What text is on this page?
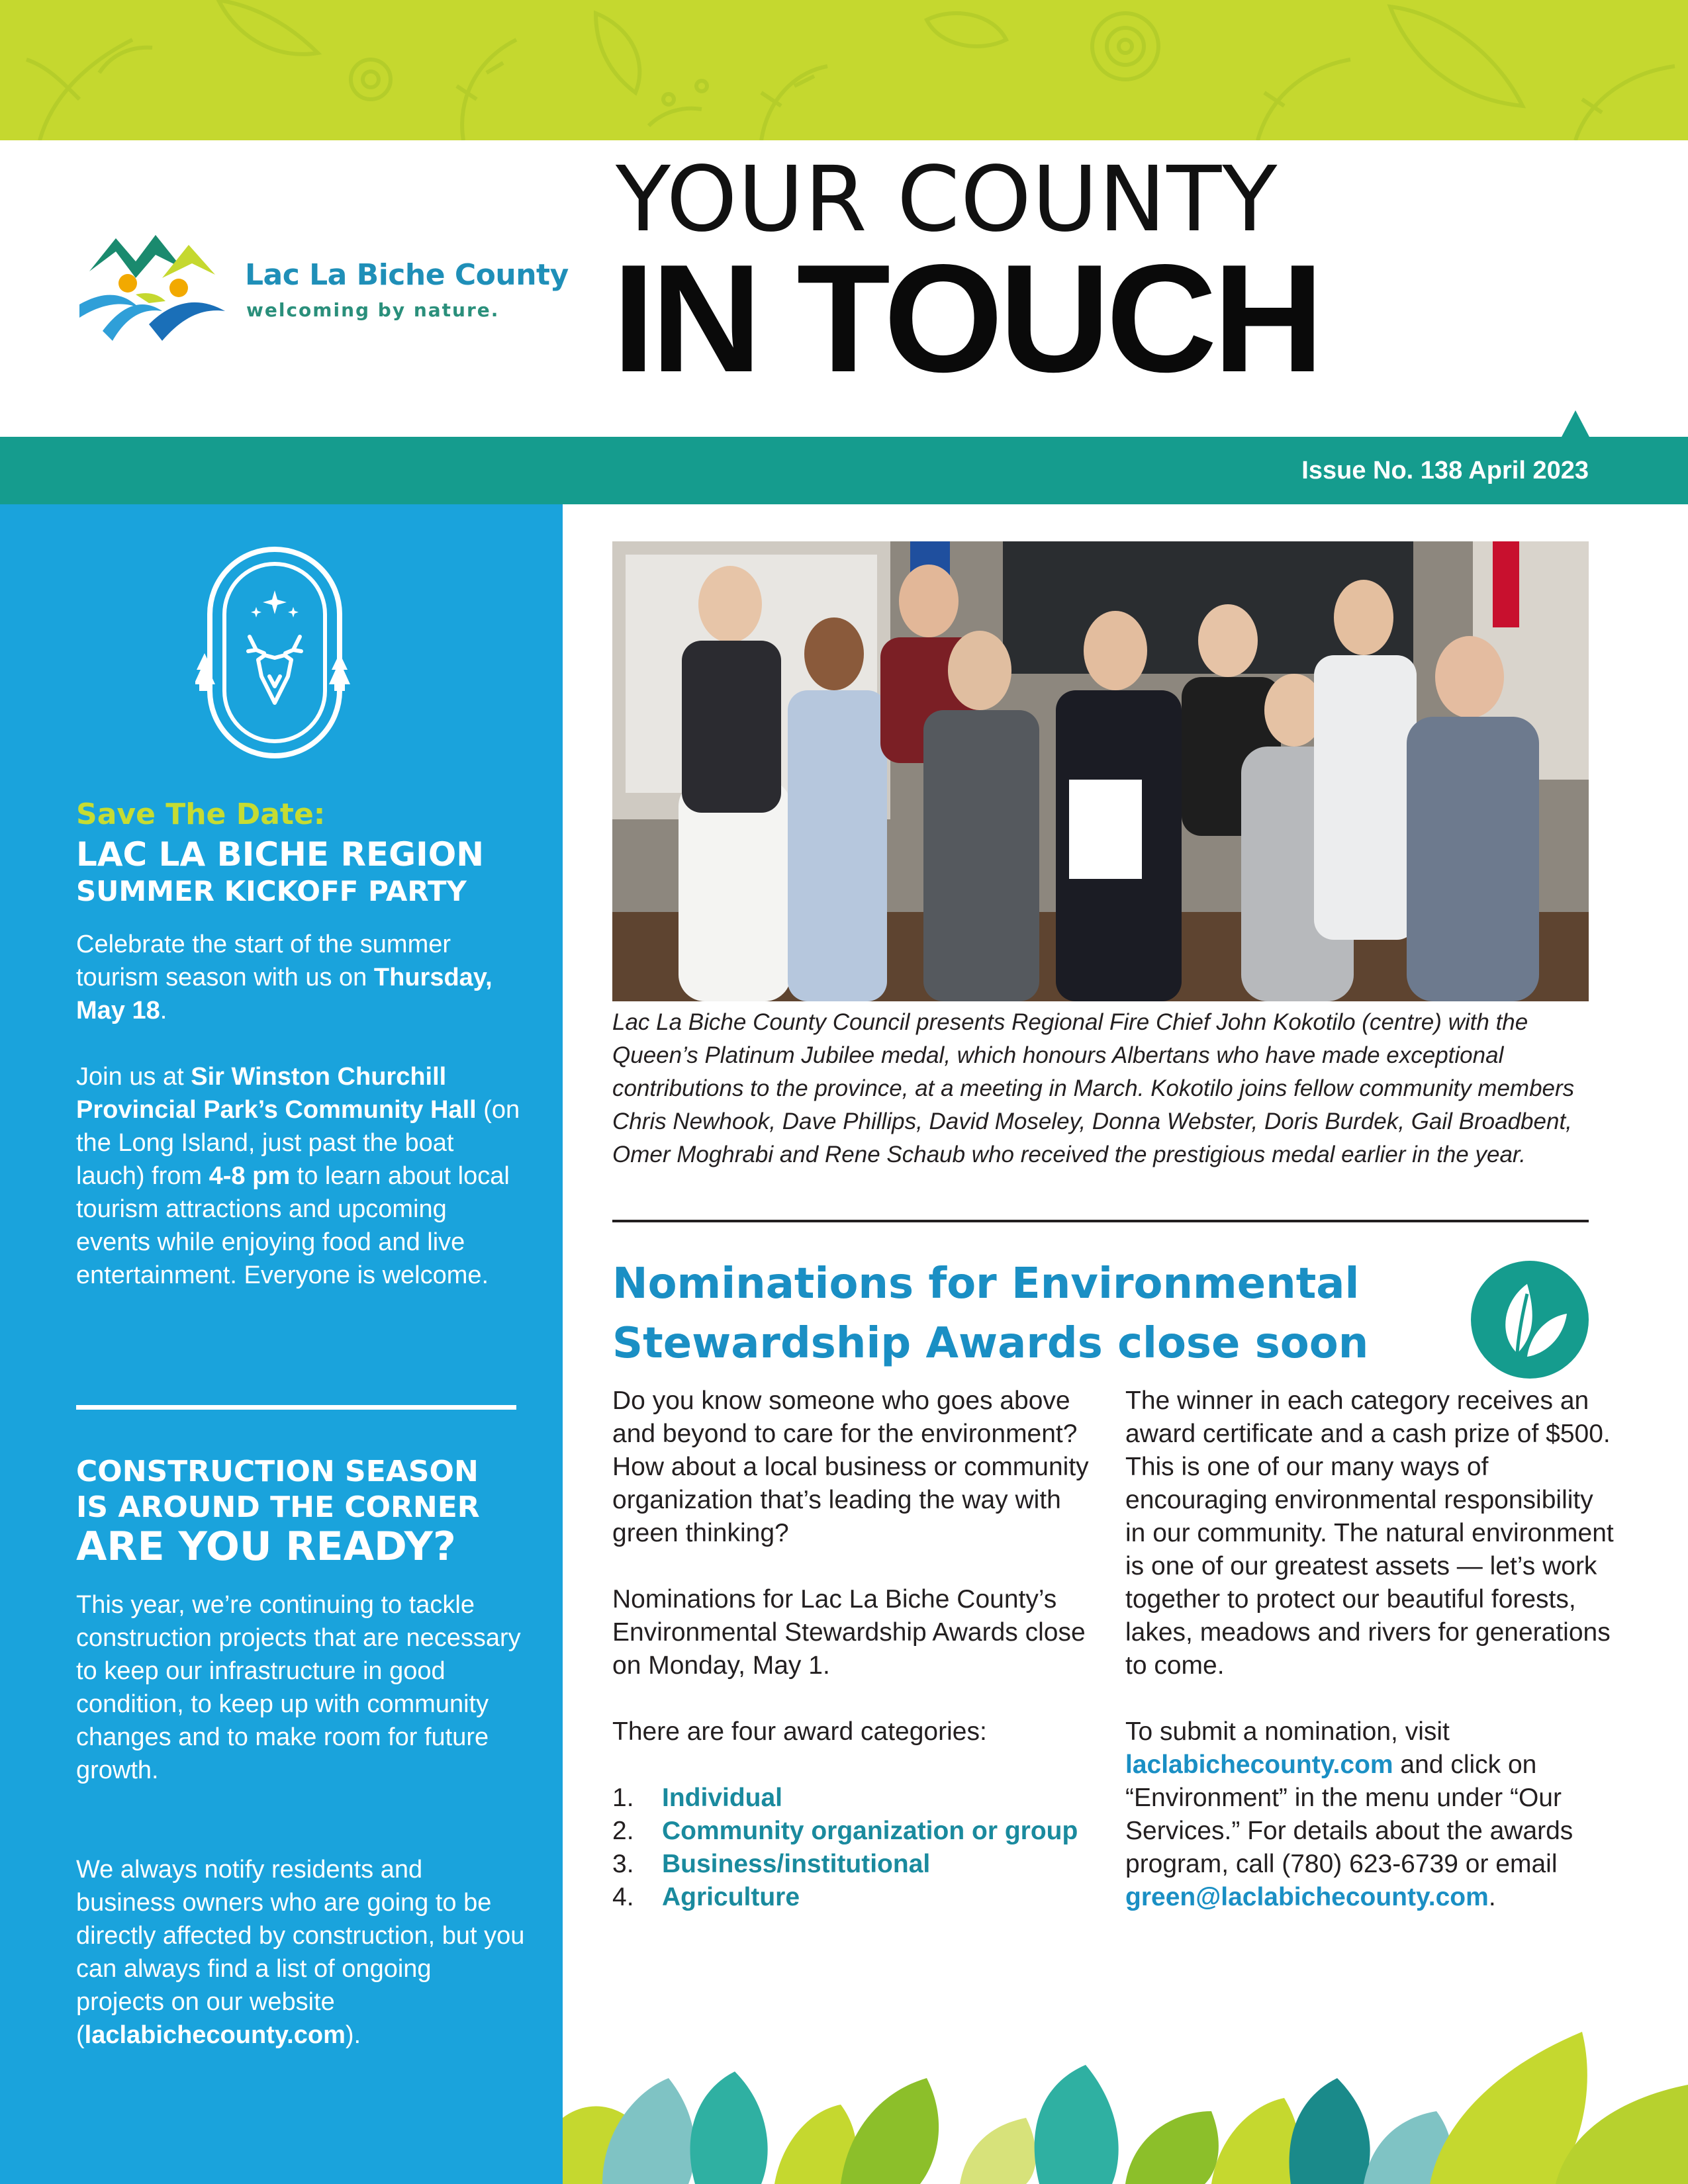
Lac La Biche County
welcoming by nature.
YOUR COUNTY
IN TOUCH
Issue No. 138 April 2023
Save The Date:
LAC LA BICHE REGION
SUMMER KICKOFF PARTY
Celebrate the start of the summer tourism season with us on Thursday, May 18.
Join us at Sir Winston Churchill Provincial Park’s Community Hall (on the Long Island, just past the boat lauch) from 4-8 pm to learn about local tourism attractions and upcoming events while enjoying food and live entertainment. Everyone is welcome.
CONSTRUCTION SEASON
IS AROUND THE CORNER
ARE YOU READY?
This year, we’re continuing to tackle construction projects that are necessary to keep our infrastructure in good condition, to keep up with community changes and to make room for future growth.
We always notify residents and business owners who are going to be directly affected by construction, but you can always find a list of ongoing projects on our website (laclabichecounty.com).
Lac La Biche County Council presents Regional Fire Chief John Kokotilo (centre) with the Queen’s Platinum Jubilee medal, which honours Albertans who have made exceptional contributions to the province, at a meeting in March. Kokotilo joins fellow community members Chris Newhook, Dave Phillips, David Moseley, Donna Webster, Doris Burdek, Gail Broadbent, Omer Moghrabi and Rene Schaub who received the prestigious medal earlier in the year.
Nominations for Environmental
Stewardship Awards close soon

Do you know someone who goes above and beyond to care for the environment? How about a local business or community organization that’s leading the way with green thinking?

Nominations for Lac La Biche County’s Environmental Stewardship Awards close on Monday, May 1.

There are four award categories:

1. Individual
2. Community organization or group
3. Business/institutional
4. Agriculture

The winner in each category receives an award certificate and a cash prize of $500. This is one of our many ways of encouraging environmental responsibility in our community. The natural environment is one of our greatest assets — let’s work together to protect our beautiful forests, lakes, meadows and rivers for generations to come.

To submit a nomination, visit laclabichecounty.com and click on “Environment” in the menu under “Our Services.” For details about the awards program, call (780) 623-6739 or email green@laclabichecounty.com.
